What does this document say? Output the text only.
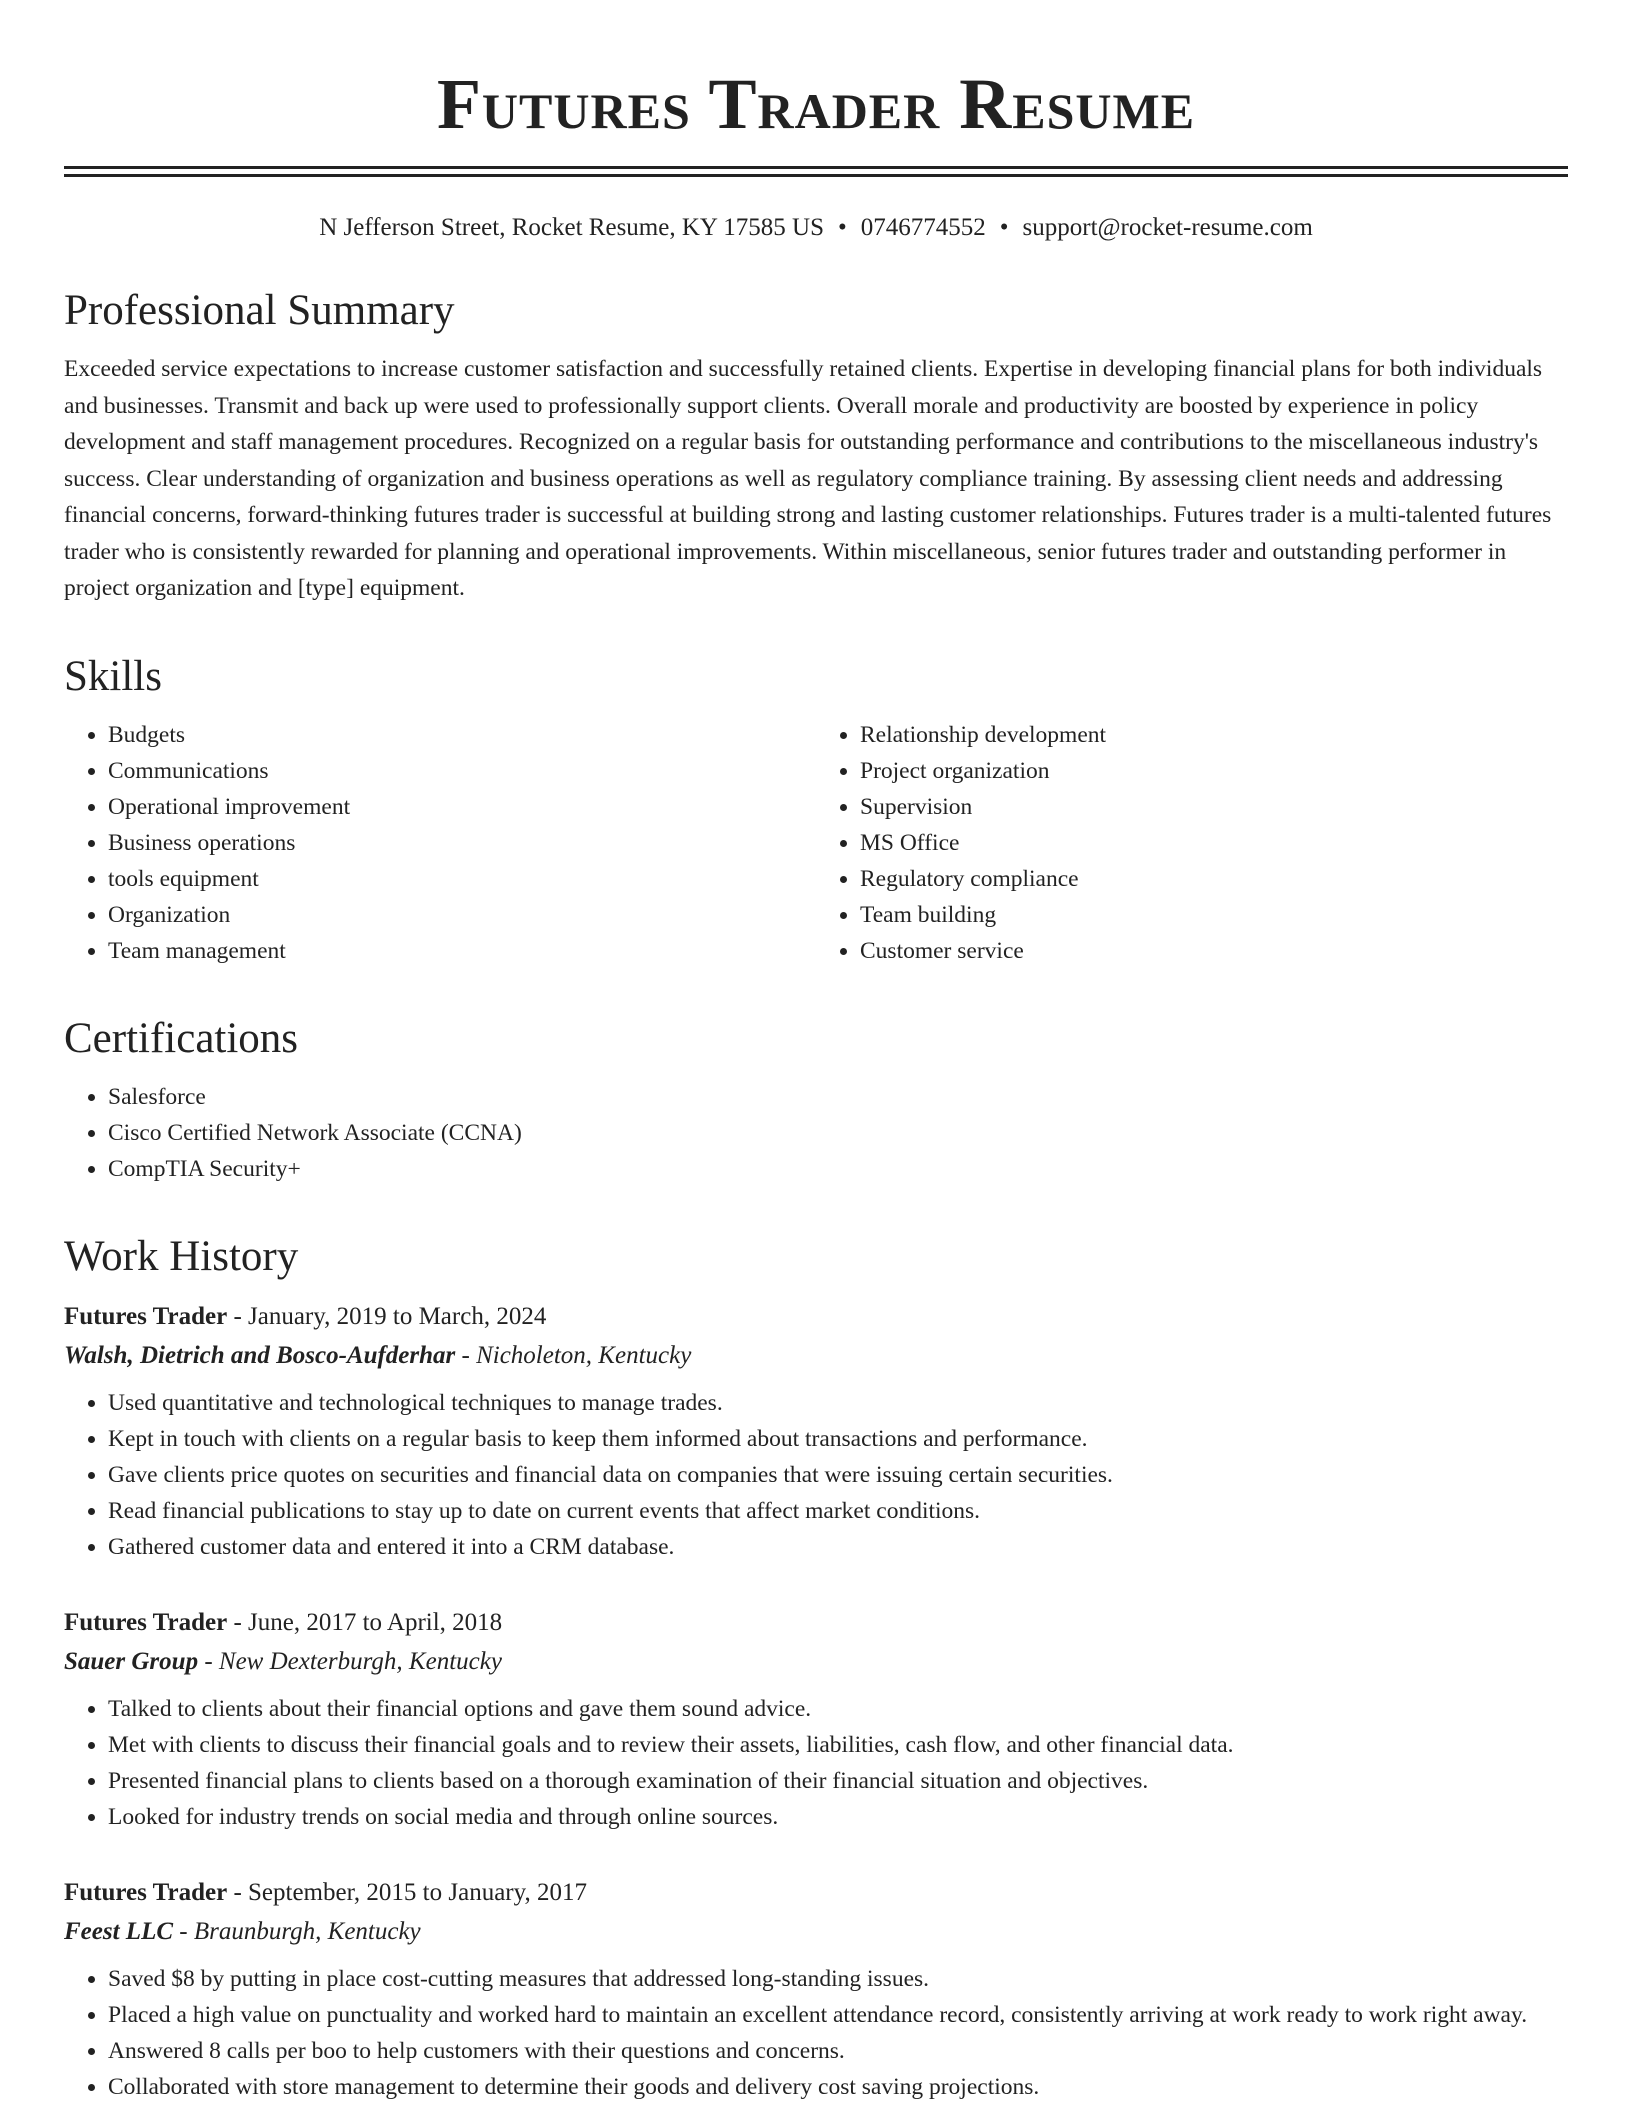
Futures Trader Resume
N Jefferson Street, Rocket Resume, KY 17585 US • 0746774552 • support@rocket-resume.com
Professional Summary

Exceeded service expectations to increase customer satisfaction and successfully retained clients. Expertise in developing financial plans for both individuals and businesses. Transmit and back up were used to professionally support clients. Overall morale and productivity are boosted by experience in policy development and staff management procedures. Recognized on a regular basis for outstanding performance and contributions to the miscellaneous industry's success. Clear understanding of organization and business operations as well as regulatory compliance training. By assessing client needs and addressing financial concerns, forward-thinking futures trader is successful at building strong and lasting customer relationships. Futures trader is a multi-talented futures trader who is consistently rewarded for planning and operational improvements. Within miscellaneous, senior futures trader and outstanding performer in project organization and [type] equipment.

Skills
• Budgets
• Communications
• Operational improvement
• Business operations
• tools equipment
• Organization
• Team management
• Relationship development
• Project organization
• Supervision
• MS Office
• Regulatory compliance
• Team building
• Customer service
Certifications
• Salesforce
• Cisco Certified Network Associate (CCNA)
• CompTIA Security+
Work History

Futures Trader - January, 2019 to March, 2024

Walsh, Dietrich and Bosco-Aufderhar - Nicholeton, Kentucky

• Used quantitative and technological techniques to manage trades.
• Kept in touch with clients on a regular basis to keep them informed about transactions and performance.
• Gave clients price quotes on securities and financial data on companies that were issuing certain securities.
• Read financial publications to stay up to date on current events that affect market conditions.
• Gathered customer data and entered it into a CRM database.

Futures Trader - June, 2017 to April, 2018

Sauer Group - New Dexterburgh, Kentucky

• Talked to clients about their financial options and gave them sound advice.
• Met with clients to discuss their financial goals and to review their assets, liabilities, cash flow, and other financial data.
• Presented financial plans to clients based on a thorough examination of their financial situation and objectives.
• Looked for industry trends on social media and through online sources.

Futures Trader - September, 2015 to January, 2017

Feest LLC - Braunburgh, Kentucky

• Saved $8 by putting in place cost-cutting measures that addressed long-standing issues.
• Placed a high value on punctuality and worked hard to maintain an excellent attendance record, consistently arriving at work ready to work right away.
• Answered 8 calls per boo to help customers with their questions and concerns.
• Collaborated with store management to determine their goods and delivery cost saving projections.
